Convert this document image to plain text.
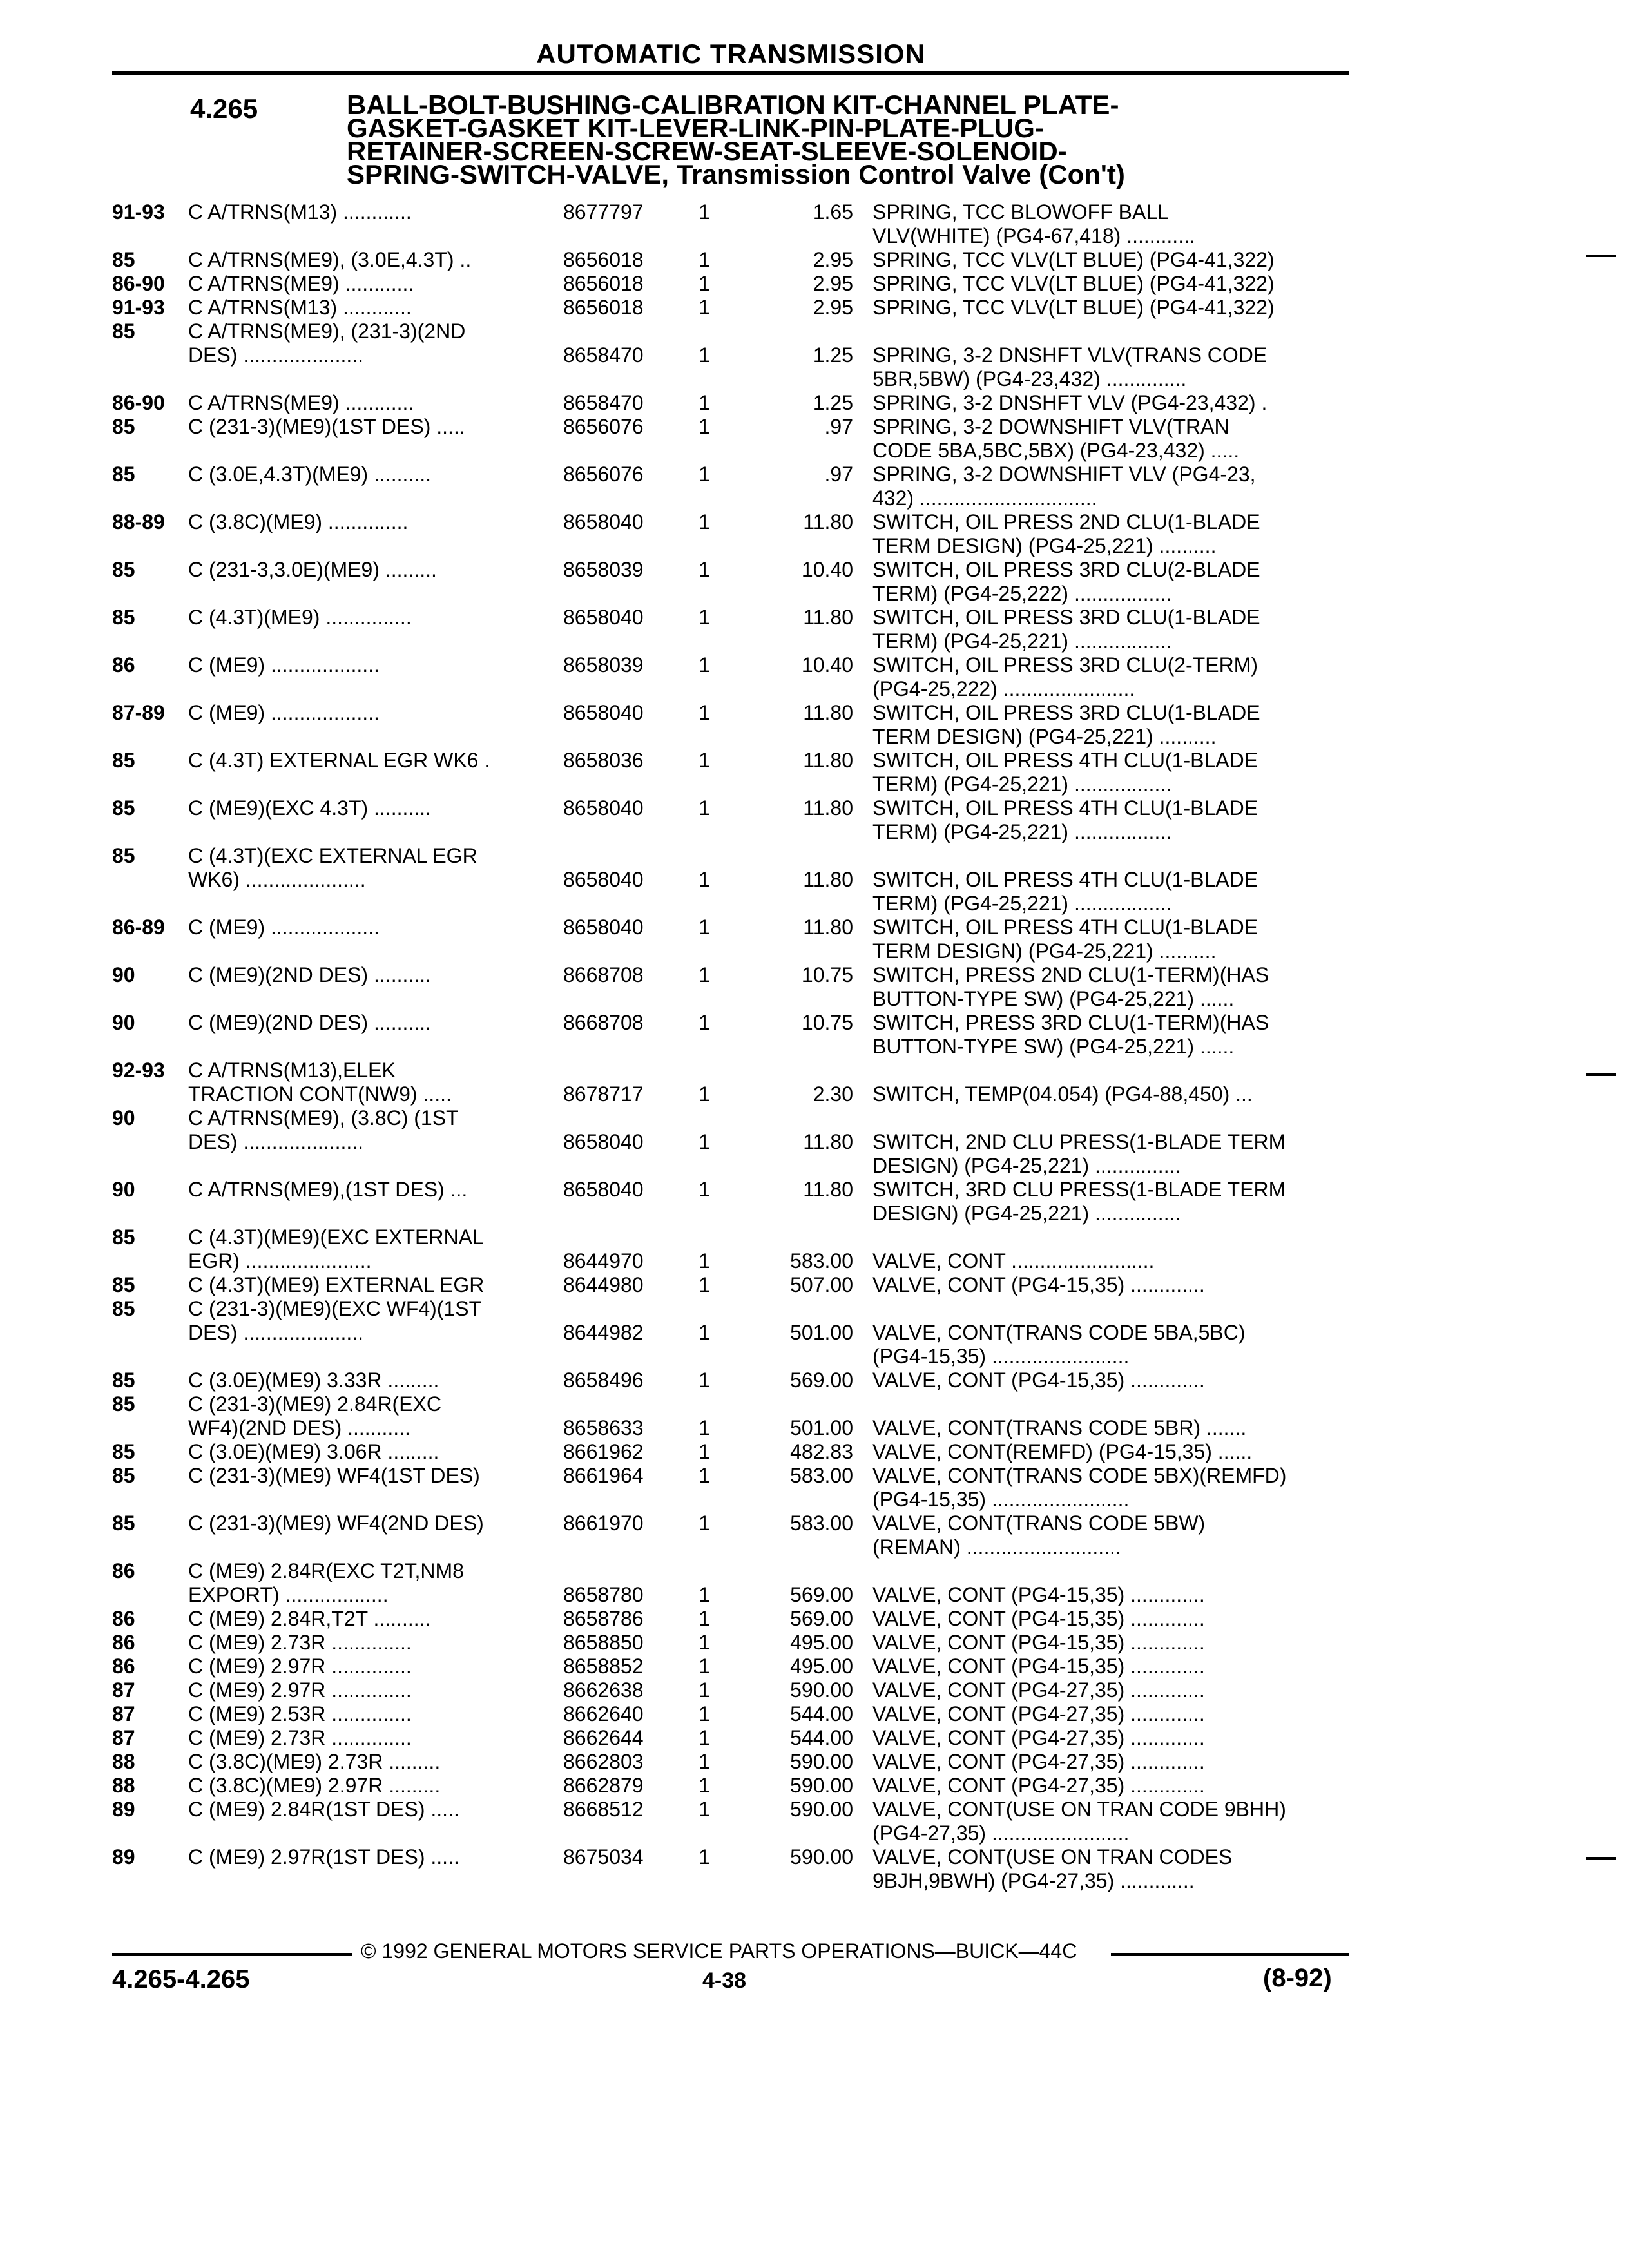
AUTOMATIC TRANSMISSION
4.265	BALL-BOLT-BUSHING-CALIBRATION KIT-CHANNEL PLATE-
GASKET-GASKET KIT-LEVER-LINK-PIN-PLATE-PLUG-
RETAINER-SCREEN-SCREW-SEAT-SLEEVE-SOLENOID-
SPRING-SWITCH-VALVE, Transmission Control Valve (Con't)
91-93 C A/TRNS(M13) ............	8677797	1	1.65 SPRING, TCC BLOWOFF BALL
VLV(WHITE) (PG4-67,418) ............
85	C A/TRNS(ME9), (3.0E,4.3T) ..	8656018	1	2.95 SPRING, TCC VLV(LT BLUE) (PG4-41,322)
86-90 C A/TRNS(ME9) ............	8656018	1	2.95 SPRING, TCC VLV(LT BLUE) (PG4-41,322)
91-93 C A/TRNS(M13) ............	8656018	1	2.95 SPRING, TCC VLV(LT BLUE) (PG4-41,322)
85	C A/TRNS(ME9), (231-3)(2ND
DES) .....................	8658470	1	1.25 SPRING, 3-2 DNSHFT VLV(TRANS CODE
5BR,5BW) (PG4-23,432) ..............
86-90 C A/TRNS(ME9) ............	8658470	1	1.25 SPRING, 3-2 DNSHFT VLV (PG4-23,432) .
85	C (231-3)(ME9)(1ST DES) .....	8656076	1	.97 SPRING, 3-2 DOWNSHIFT VLV(TRAN
CODE 5BA,5BC,5BX) (PG4-23,432) .....
85	C (3.0E,4.3T)(ME9) ..........	8656076	1	.97 SPRING, 3-2 DOWNSHIFT VLV (PG4-23,
432) ...............................
88-89 C (3.8C)(ME9) ..............	8658040	1	11.80 SWITCH, OIL PRESS 2ND CLU(1-BLADE
TERM DESIGN) (PG4-25,221) ..........
85	C (231-3,3.0E)(ME9) .........	8658039	1	10.40 SWITCH, OIL PRESS 3RD CLU(2-BLADE
TERM) (PG4-25,222) .................
85	C (4.3T)(ME9) ...............	8658040	1	11.80 SWITCH, OIL PRESS 3RD CLU(1-BLADE
TERM) (PG4-25,221) .................
86	C (ME9) ...................	8658039	1	10.40 SWITCH, OIL PRESS 3RD CLU(2-TERM)
(PG4-25,222) .......................
87-89 C (ME9) ...................	8658040	1	11.80 SWITCH, OIL PRESS 3RD CLU(1-BLADE
TERM DESIGN) (PG4-25,221) ..........
85	C (4.3T) EXTERNAL EGR WK6 .	8658036	1	11.80 SWITCH, OIL PRESS 4TH CLU(1-BLADE
TERM) (PG4-25,221) .................
85	C (ME9)(EXC 4.3T) ..........	8658040	1	11.80 SWITCH, OIL PRESS 4TH CLU(1-BLADE
TERM) (PG4-25,221) .................
85	C (4.3T)(EXC EXTERNAL EGR
WK6) .....................	8658040	1	11.80 SWITCH, OIL PRESS 4TH CLU(1-BLADE
TERM) (PG4-25,221) .................
86-89 C (ME9) ...................	8658040	1	11.80 SWITCH, OIL PRESS 4TH CLU(1-BLADE
TERM DESIGN) (PG4-25,221) ..........
90	C (ME9)(2ND DES) ..........	8668708	1	10.75 SWITCH, PRESS 2ND CLU(1-TERM)(HAS
BUTTON-TYPE SW) (PG4-25,221) ......
90	C (ME9)(2ND DES) ..........	8668708	1	10.75 SWITCH, PRESS 3RD CLU(1-TERM)(HAS
BUTTON-TYPE SW) (PG4-25,221) ......
92-93 C A/TRNS(M13),ELEK
TRACTION CONT(NW9) .....	8678717	1	2.30 SWITCH, TEMP(04.054) (PG4-88,450) ...
90	C A/TRNS(ME9), (3.8C) (1ST
DES) .....................	8658040	1	11.80 SWITCH, 2ND CLU PRESS(1-BLADE TERM
DESIGN) (PG4-25,221) ...............
90	C A/TRNS(ME9),(1ST DES) ...	8658040	1	11.80 SWITCH, 3RD CLU PRESS(1-BLADE TERM
DESIGN) (PG4-25,221) ...............
85	C (4.3T)(ME9)(EXC EXTERNAL
EGR) ......................	8644970	1	583.00 VALVE, CONT .........................
85	C (4.3T)(ME9) EXTERNAL EGR	8644980	1	507.00 VALVE, CONT (PG4-15,35) .............
85	C (231-3)(ME9)(EXC WF4)(1ST
DES) .....................	8644982	1	501.00 VALVE, CONT(TRANS CODE 5BA,5BC)
(PG4-15,35) ........................
85	C (3.0E)(ME9) 3.33R .........	8658496	1	569.00 VALVE, CONT (PG4-15,35) .............
85	C (231-3)(ME9) 2.84R(EXC
WF4)(2ND DES) ...........	8658633	1	501.00 VALVE, CONT(TRANS CODE 5BR) .......
85	C (3.0E)(ME9) 3.06R .........	8661962	1	482.83 VALVE, CONT(REMFD) (PG4-15,35) ......
85	C (231-3)(ME9) WF4(1ST DES)	8661964	1	583.00 VALVE, CONT(TRANS CODE 5BX)(REMFD)
(PG4-15,35) ........................
85	C (231-3)(ME9) WF4(2ND DES)	8661970	1	583.00 VALVE, CONT(TRANS CODE 5BW)
(REMAN) ...........................
86	C (ME9) 2.84R(EXC T2T,NM8
EXPORT) ..................	8658780	1	569.00 VALVE, CONT (PG4-15,35) .............
86	C (ME9) 2.84R,T2T ..........	8658786	1	569.00 VALVE, CONT (PG4-15,35) .............
86	C (ME9) 2.73R ..............	8658850	1	495.00 VALVE, CONT (PG4-15,35) .............
86	C (ME9) 2.97R ..............	8658852	1	495.00 VALVE, CONT (PG4-15,35) .............
87	C (ME9) 2.97R ..............	8662638	1	590.00 VALVE, CONT (PG4-27,35) .............
87	C (ME9) 2.53R ..............	8662640	1	544.00 VALVE, CONT (PG4-27,35) .............
87	C (ME9) 2.73R ..............	8662644	1	544.00 VALVE, CONT (PG4-27,35) .............
88	C (3.8C)(ME9) 2.73R .........	8662803	1	590.00 VALVE, CONT (PG4-27,35) .............
88	C (3.8C)(ME9) 2.97R .........	8662879	1	590.00 VALVE, CONT (PG4-27,35) .............
89	C (ME9) 2.84R(1ST DES) .....	8668512	1	590.00 VALVE, CONT(USE ON TRAN CODE 9BHH)
(PG4-27,35) ........................
89	C (ME9) 2.97R(1ST DES) .....	8675034	1	590.00 VALVE, CONT(USE ON TRAN CODES
9BJH,9BWH) (PG4-27,35) .............
© 1992 GENERAL MOTORS SERVICE PARTS OPERATIONS—BUICK—44C
4.265-4.265	4-38	(8-92)
